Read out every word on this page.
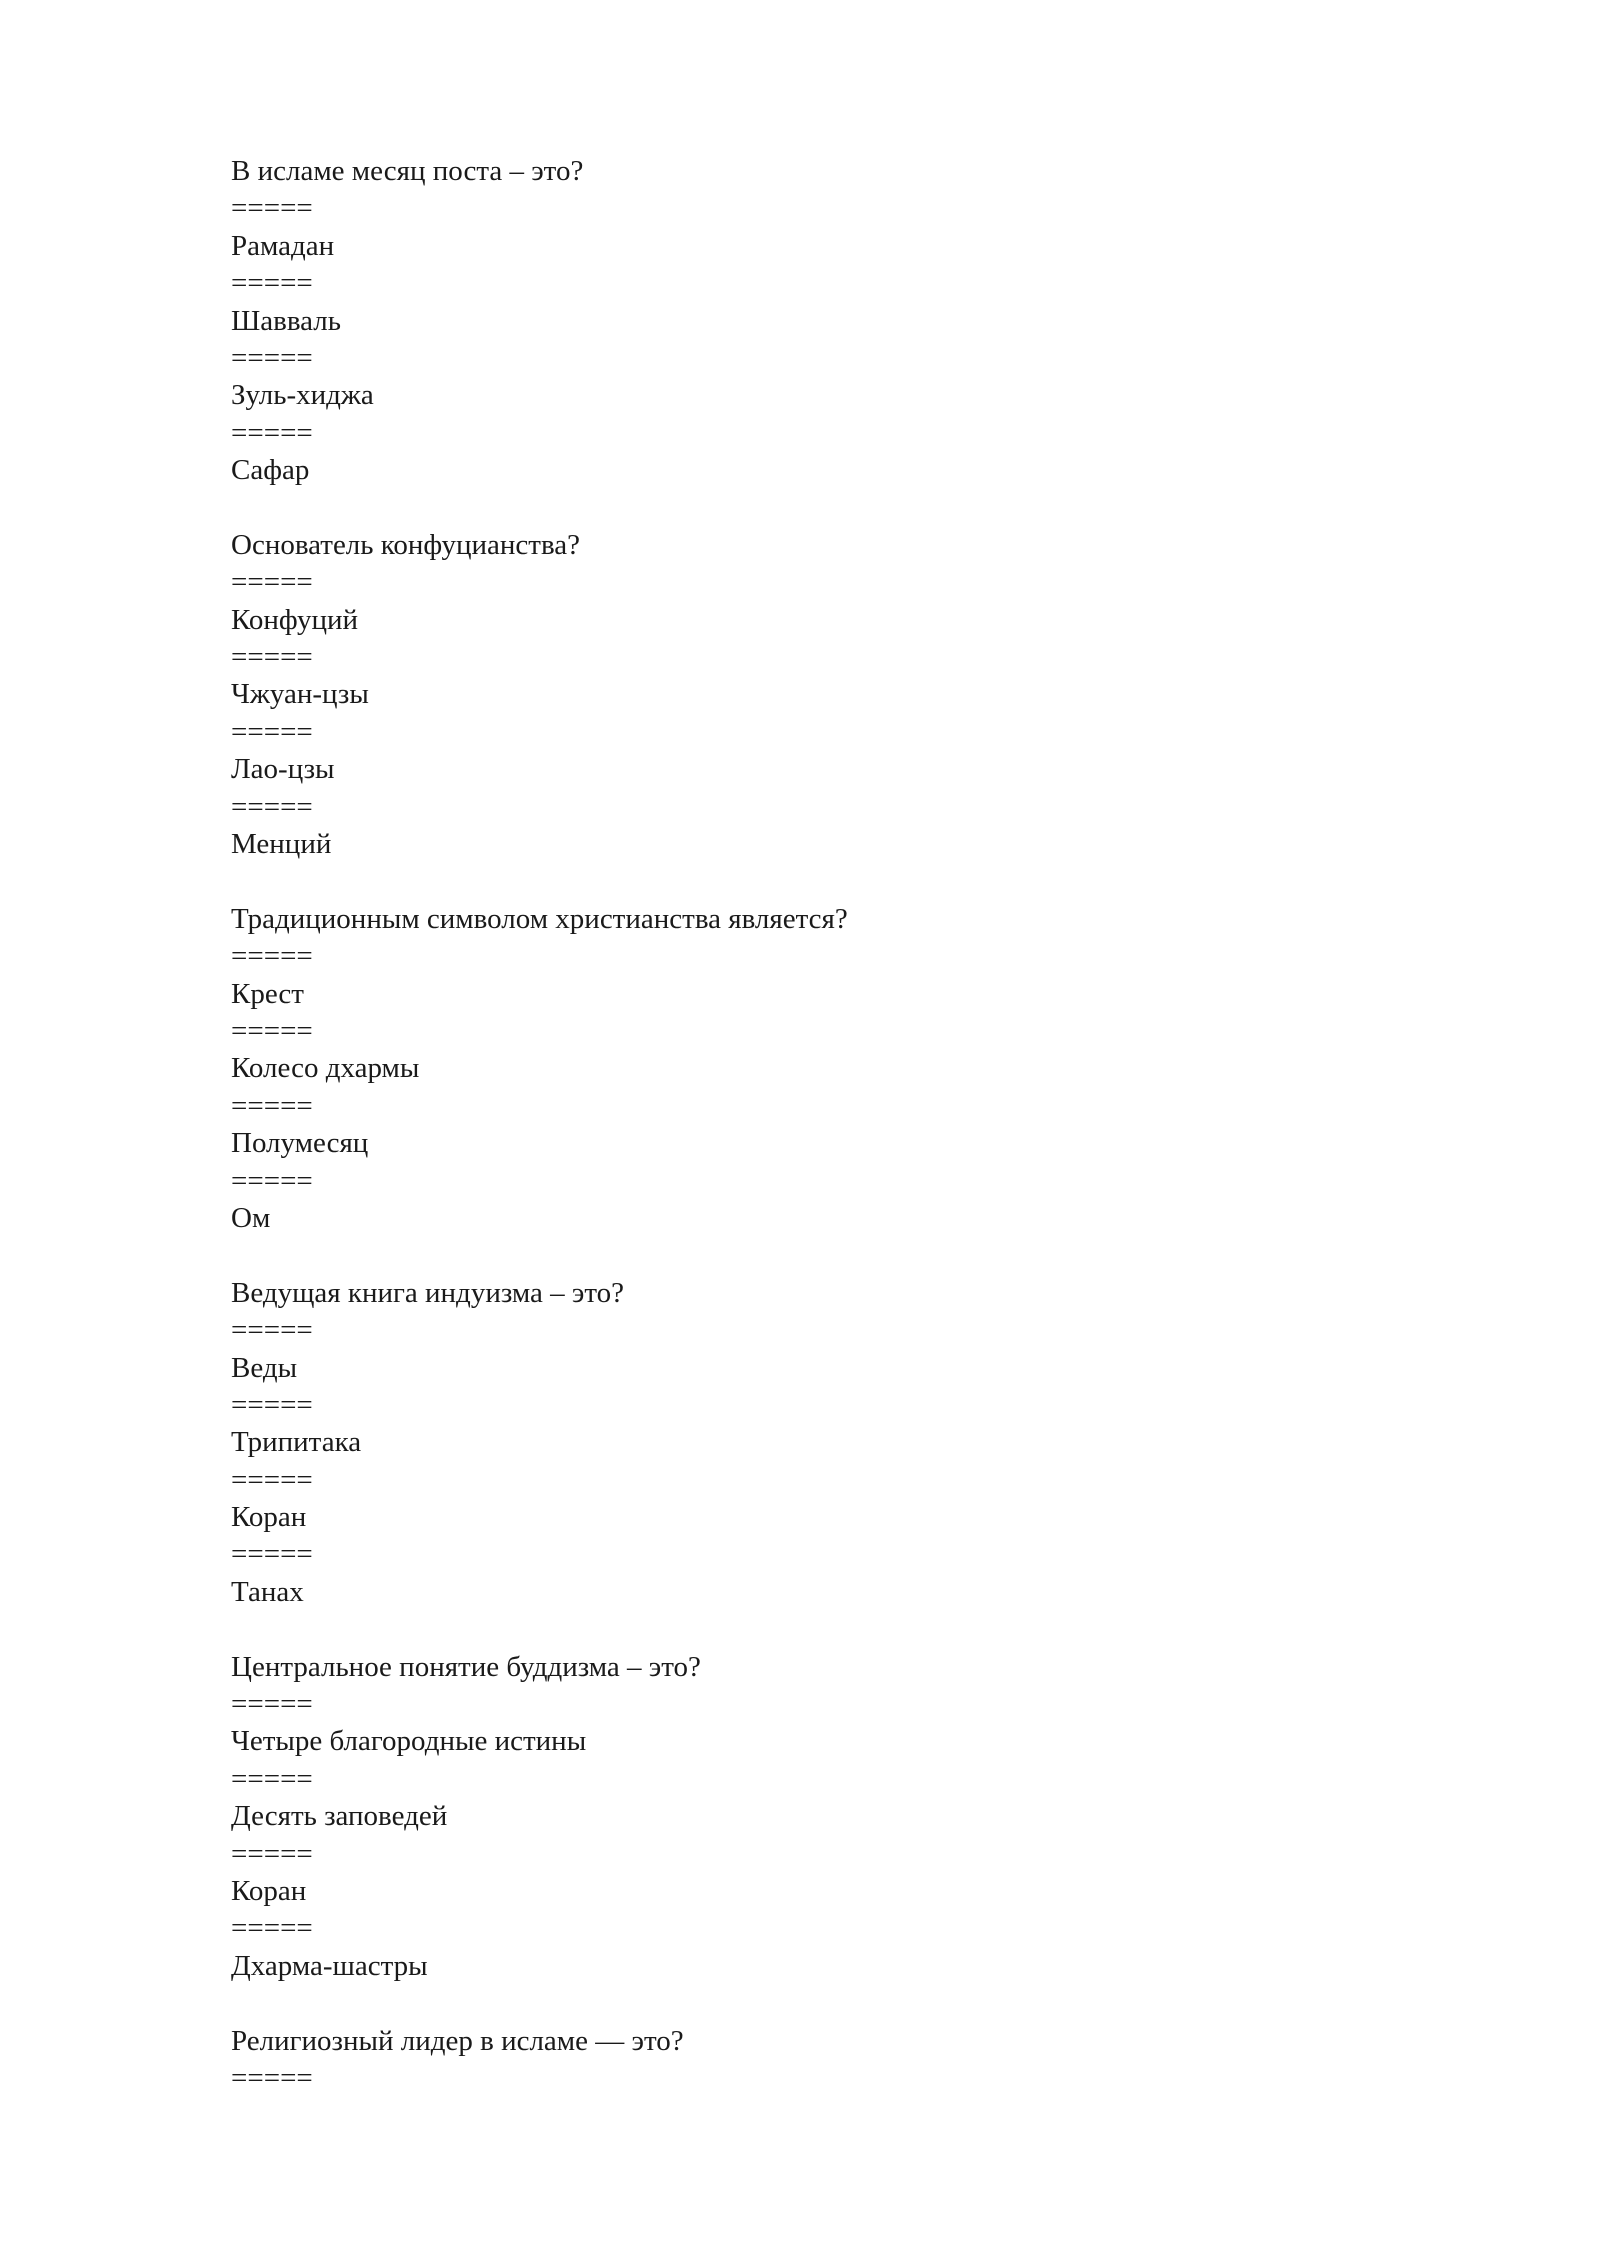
В исламе месяц поста – это?
=====
Рамадан
=====
Шавваль
=====
Зуль-хиджа
=====
Сафар
Основатель конфуцианства?
=====
Конфуций
=====
Чжуан-цзы
=====
Лао-цзы
=====
Менций
Традиционным символом христианства является?
=====
Крест
=====
Колесо дхармы
=====
Полумесяц
=====
Ом
Ведущая книга индуизма – это?
=====
Веды
=====
Трипитака
=====
Коран
=====
Танах
Центральное понятие буддизма – это?
=====
Четыре благородные истины
=====
Десять заповедей
=====
Коран
=====
Дхарма-шастры
Религиозный лидер в исламе — это?
=====
